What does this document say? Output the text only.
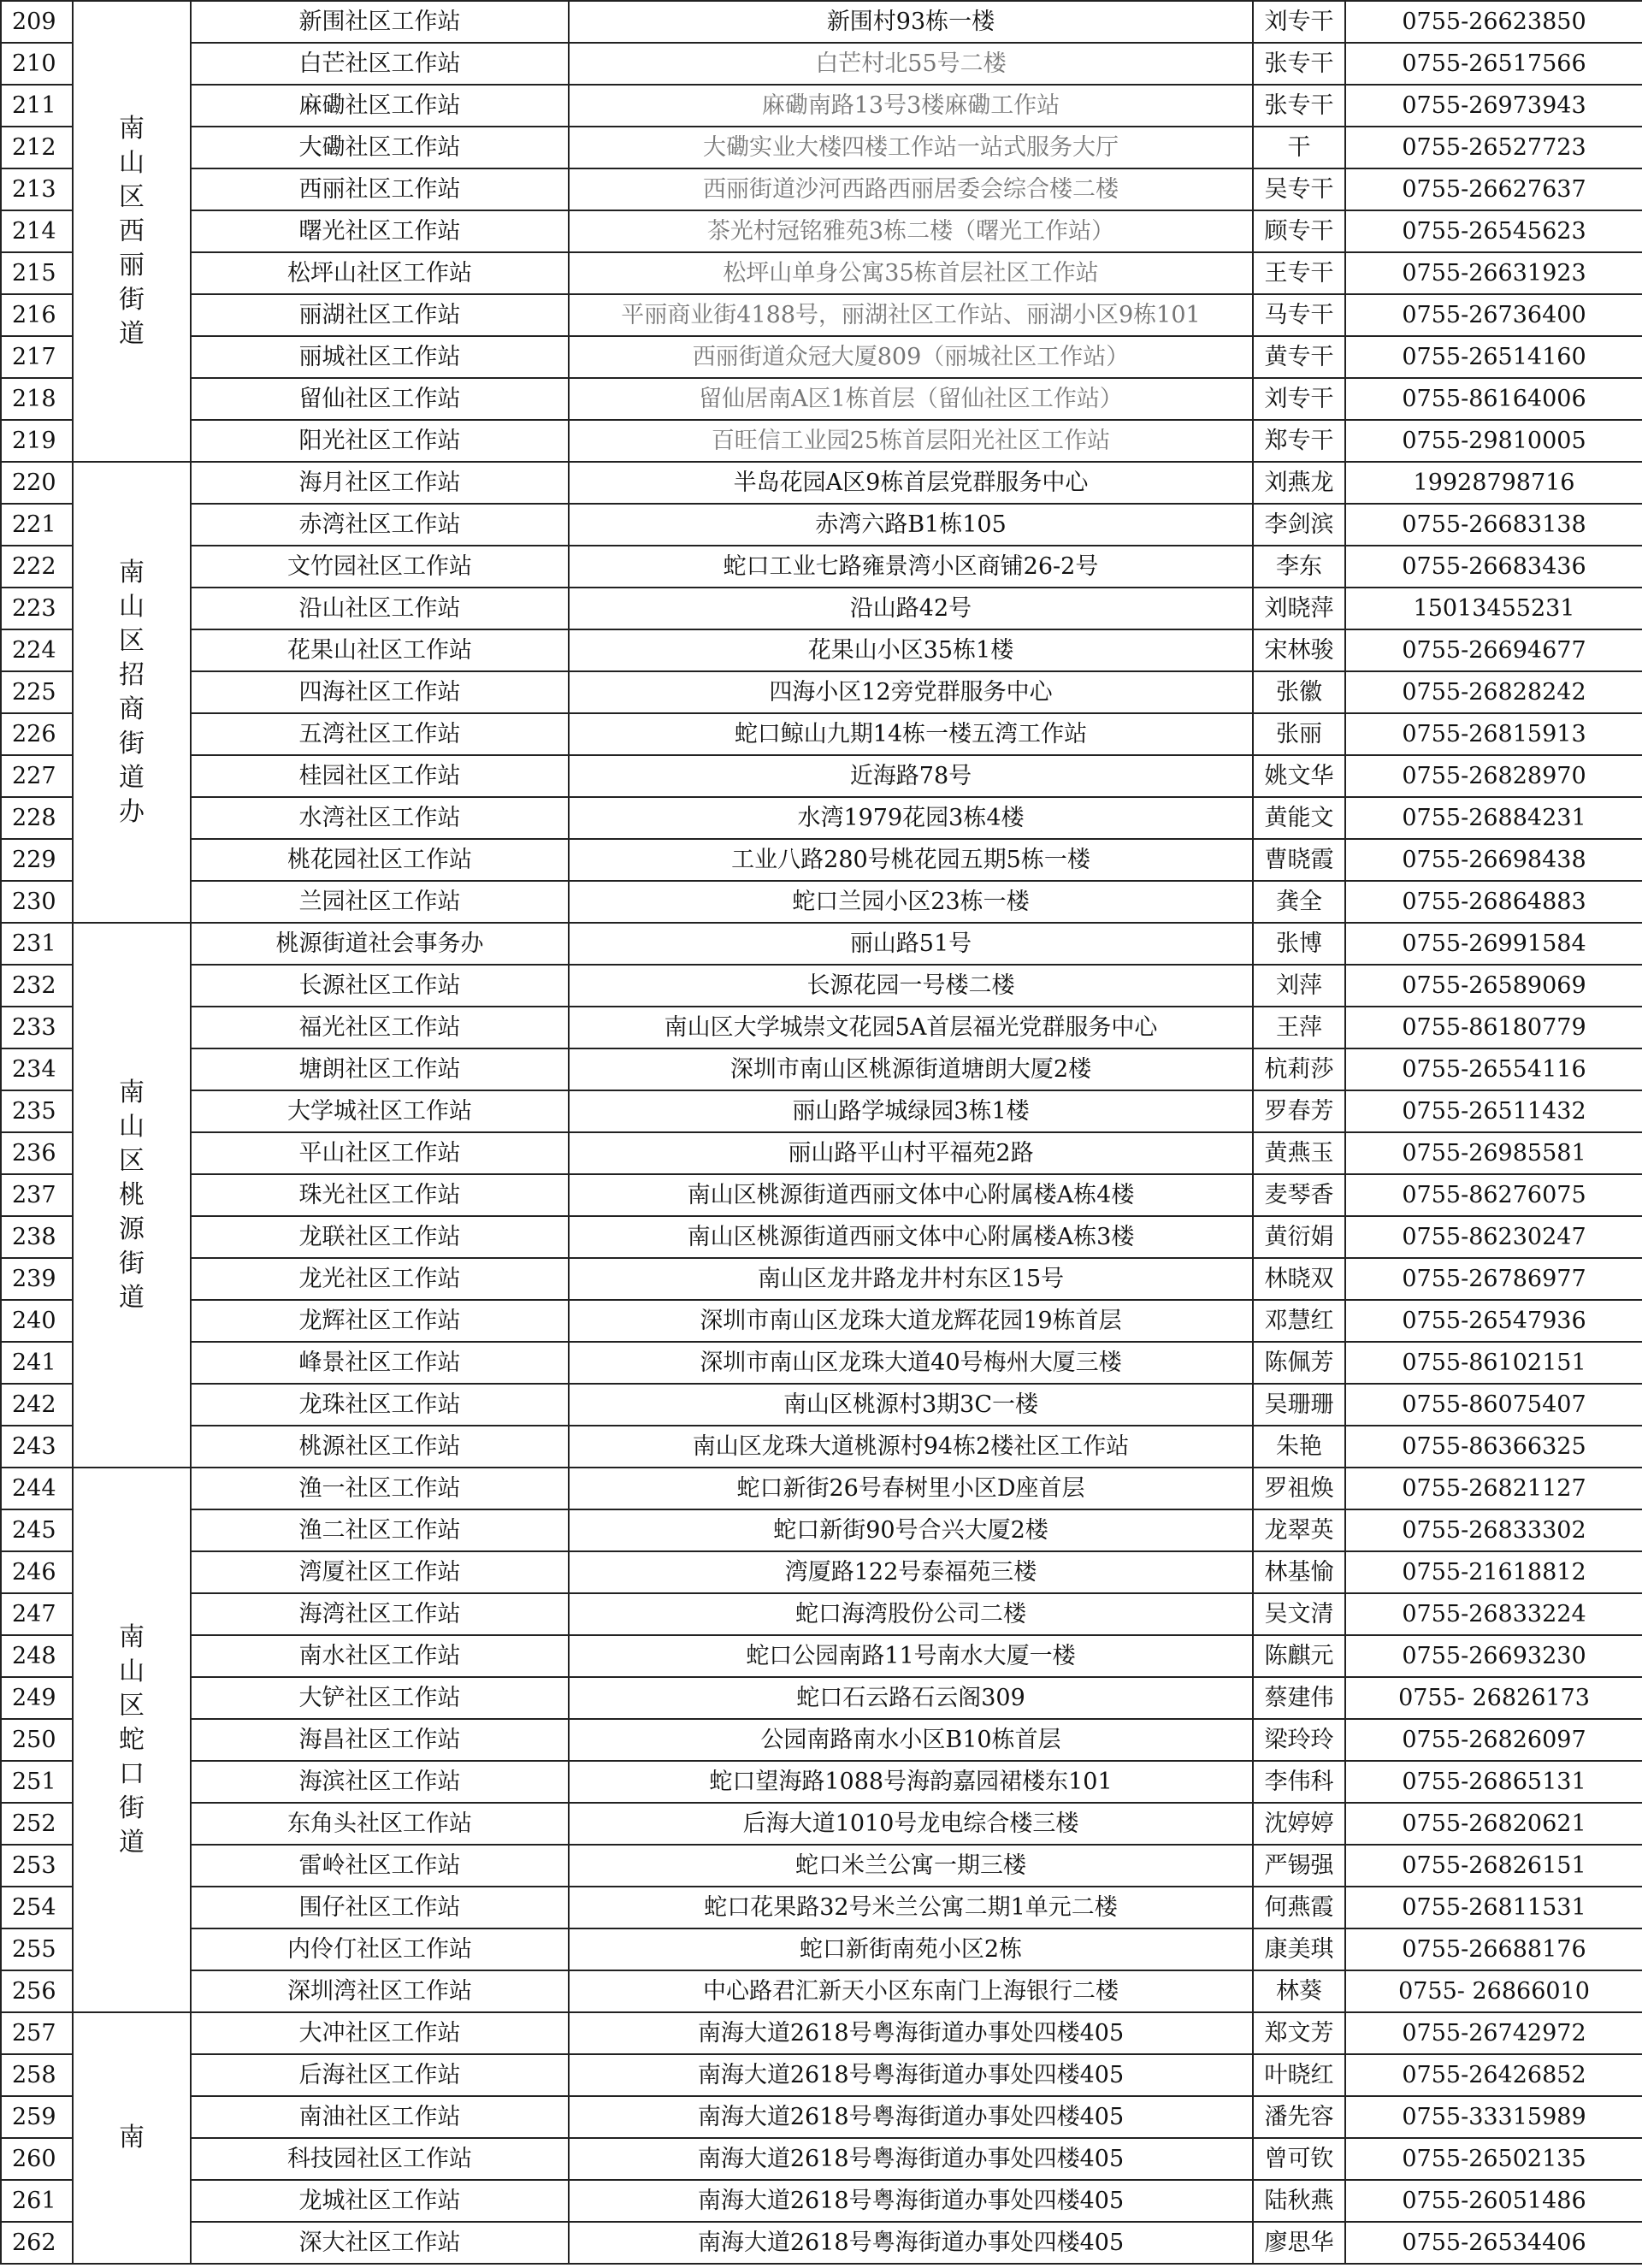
209	南山区西丽街道	新围社区工作站	新围村93栋一楼	刘专干	0755-26623850
210		白芒社区工作站	白芒村北55号二楼	张专干	0755-26517566
211		麻磡社区工作站	麻磡南路13号3楼麻磡工作站	张专干	0755-26973943
212		大磡社区工作站	大磡实业大楼四楼工作站一站式服务大厅	干	0755-26527723
213		西丽社区工作站	西丽街道沙河西路西丽居委会综合楼二楼	吴专干	0755-26627637
214		曙光社区工作站	茶光村冠铭雅苑3栋二楼（曙光工作站）	顾专干	0755-26545623
215		松坪山社区工作站	松坪山单身公寓35栋首层社区工作站	王专干	0755-26631923
216		丽湖社区工作站	平丽商业街4188号，丽湖社区工作站、丽湖小区9栋101	马专干	0755-26736400
217		丽城社区工作站	西丽街道众冠大厦809（丽城社区工作站）	黄专干	0755-26514160
218		留仙社区工作站	留仙居南A区1栋首层（留仙社区工作站）	刘专干	0755-86164006
219		阳光社区工作站	百旺信工业园25栋首层阳光社区工作站	郑专干	0755-29810005
220	南山区招商街道办	海月社区工作站	半岛花园A区9栋首层党群服务中心	刘燕龙	19928798716
221		赤湾社区工作站	赤湾六路B1栋105	李剑滨	0755-26683138
222		文竹园社区工作站	蛇口工业七路雍景湾小区商铺26-2号	李东	0755-26683436
223		沿山社区工作站	沿山路42号	刘晓萍	15013455231
224		花果山社区工作站	花果山小区35栋1楼	宋林骏	0755-26694677
225		四海社区工作站	四海小区12旁党群服务中心	张徽	0755-26828242
226		五湾社区工作站	蛇口鲸山九期14栋一楼五湾工作站	张丽	0755-26815913
227		桂园社区工作站	近海路78号	姚文华	0755-26828970
228		水湾社区工作站	水湾1979花园3栋4楼	黄能文	0755-26884231
229		桃花园社区工作站	工业八路280号桃花园五期5栋一楼	曹晓霞	0755-26698438
230		兰园社区工作站	蛇口兰园小区23栋一楼	龚全	0755-26864883
231	南山区桃源街道	桃源街道社会事务办	丽山路51号	张博	0755-26991584
232		长源社区工作站	长源花园一号楼二楼	刘萍	0755-26589069
233		福光社区工作站	南山区大学城崇文花园5A首层福光党群服务中心	王萍	0755-86180779
234		塘朗社区工作站	深圳市南山区桃源街道塘朗大厦2楼	杭莉莎	0755-26554116
235		大学城社区工作站	丽山路学城绿园3栋1楼	罗春芳	0755-26511432
236		平山社区工作站	丽山路平山村平福苑2路	黄燕玉	0755-26985581
237		珠光社区工作站	南山区桃源街道西丽文体中心附属楼A栋4楼	麦琴香	0755-86276075
238		龙联社区工作站	南山区桃源街道西丽文体中心附属楼A栋3楼	黄衍娟	0755-86230247
239		龙光社区工作站	南山区龙井路龙井村东区15号	林晓双	0755-26786977
240		龙辉社区工作站	深圳市南山区龙珠大道龙辉花园19栋首层	邓慧红	0755-26547936
241		峰景社区工作站	深圳市南山区龙珠大道40号梅州大厦三楼	陈佩芳	0755-86102151
242		龙珠社区工作站	南山区桃源村3期3C一楼	吴珊珊	0755-86075407
243		桃源社区工作站	南山区龙珠大道桃源村94栋2楼社区工作站	朱艳	0755-86366325
244	南山区蛇口街道	渔一社区工作站	蛇口新街26号春树里小区D座首层	罗祖焕	0755-26821127
245		渔二社区工作站	蛇口新街90号合兴大厦2楼	龙翠英	0755-26833302
246		湾厦社区工作站	湾厦路122号泰福苑三楼	林基愉	0755-21618812
247		海湾社区工作站	蛇口海湾股份公司二楼	吴文清	0755-26833224
248		南水社区工作站	蛇口公园南路11号南水大厦一楼	陈麒元	0755-26693230
249		大铲社区工作站	蛇口石云路石云阁309	蔡建伟	0755- 26826173
250		海昌社区工作站	公园南路南水小区B10栋首层	梁玲玲	0755-26826097
251		海滨社区工作站	蛇口望海路1088号海韵嘉园裙楼东101	李伟科	0755-26865131
252		东角头社区工作站	后海大道1010号龙电综合楼三楼	沈婷婷	0755-26820621
253		雷岭社区工作站	蛇口米兰公寓一期三楼	严锡强	0755-26826151
254		围仔社区工作站	蛇口花果路32号米兰公寓二期1单元二楼	何燕霞	0755-26811531
255		内伶仃社区工作站	蛇口新街南苑小区2栋	康美琪	0755-26688176
256		深圳湾社区工作站	中心路君汇新天小区东南门上海银行二楼	林葵	0755- 26866010
257	南	大冲社区工作站	南海大道2618号粤海街道办事处四楼405	郑文芳	0755-26742972
258		后海社区工作站	南海大道2618号粤海街道办事处四楼405	叶晓红	0755-26426852
259		南油社区工作站	南海大道2618号粤海街道办事处四楼405	潘先容	0755-33315989
260		科技园社区工作站	南海大道2618号粤海街道办事处四楼405	曾可钦	0755-26502135
261		龙城社区工作站	南海大道2618号粤海街道办事处四楼405	陆秋燕	0755-26051486
262		深大社区工作站	南海大道2618号粤海街道办事处四楼405	廖思华	0755-26534406
